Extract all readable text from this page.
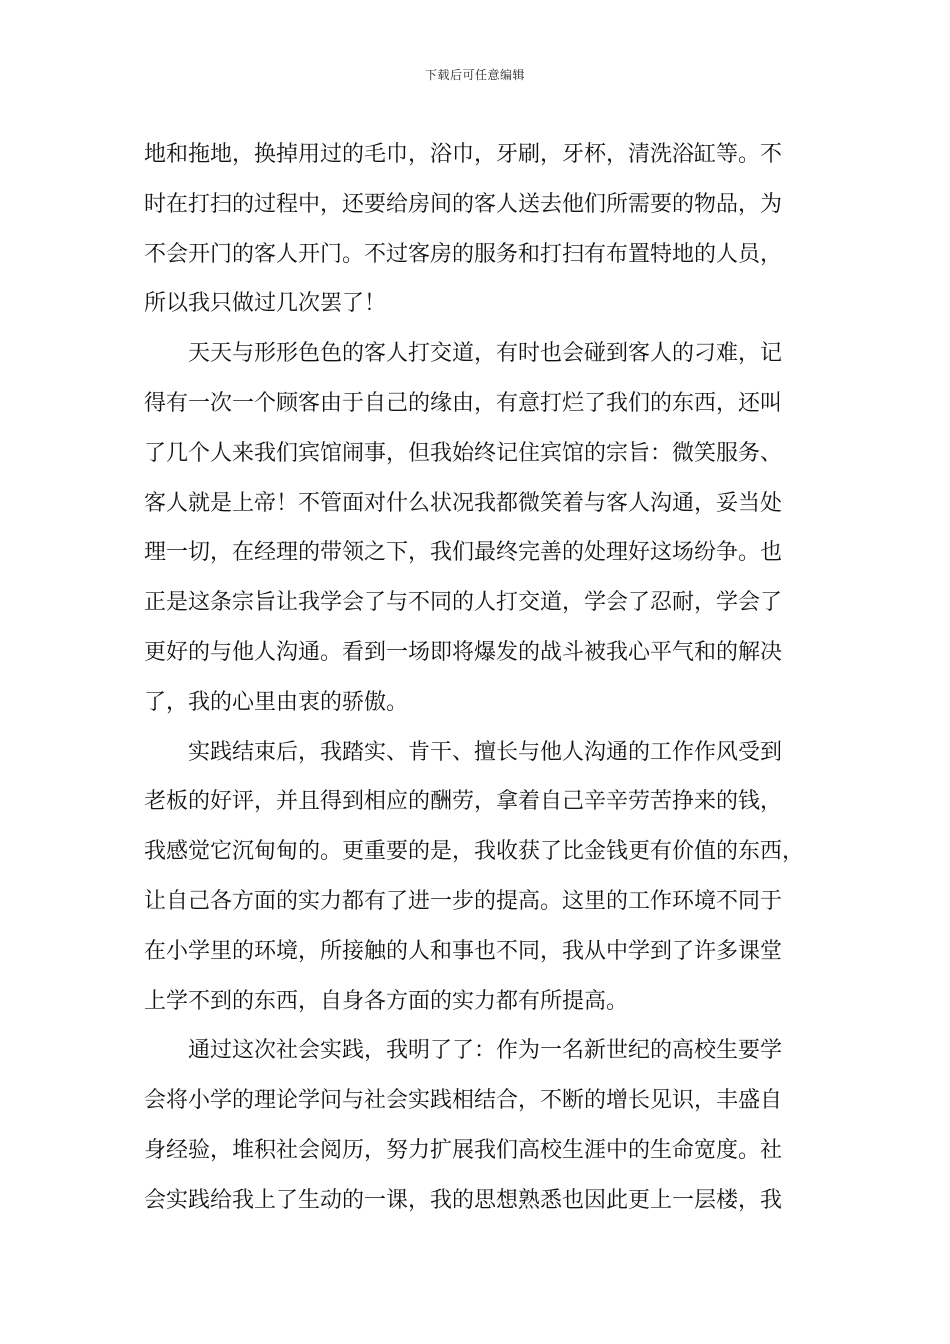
下载后可任意编辑
地和拖地，换掉用过的毛巾，浴巾，牙刷，牙杯，清洗浴缸等。不
时在打扫的过程中，还要给房间的客人送去他们所需要的物品，为
不会开门的客人开门。不过客房的服务和打扫有布置特地的人员，
所以我只做过几次罢了！
天天与形形色色的客人打交道，有时也会碰到客人的刁难，记
得有一次一个顾客由于自己的缘由，有意打烂了我们的东西，还叫
了几个人来我们宾馆闹事，但我始终记住宾馆的宗旨：微笑服务、
客人就是上帝！不管面对什么状况我都微笑着与客人沟通，妥当处
理一切，在经理的带领之下，我们最终完善的处理好这场纷争。也
正是这条宗旨让我学会了与不同的人打交道，学会了忍耐，学会了
更好的与他人沟通。看到一场即将爆发的战斗被我心平气和的解决
了，我的心里由衷的骄傲。
实践结束后，我踏实、肯干、擅长与他人沟通的工作作风受到
老板的好评，并且得到相应的酬劳，拿着自己辛辛劳苦挣来的钱，
我感觉它沉甸甸的。更重要的是，我收获了比金钱更有价值的东西，
让自己各方面的实力都有了进一步的提高。这里的工作环境不同于
在小学里的环境，所接触的人和事也不同，我从中学到了许多课堂
上学不到的东西，自身各方面的实力都有所提高。
通过这次社会实践，我明了了：作为一名新世纪的高校生要学
会将小学的理论学问与社会实践相结合，不断的增长见识，丰盛自
身经验，堆积社会阅历，努力扩展我们高校生涯中的生命宽度。社
会实践给我上了生动的一课，我的思想熟悉也因此更上一层楼，我
